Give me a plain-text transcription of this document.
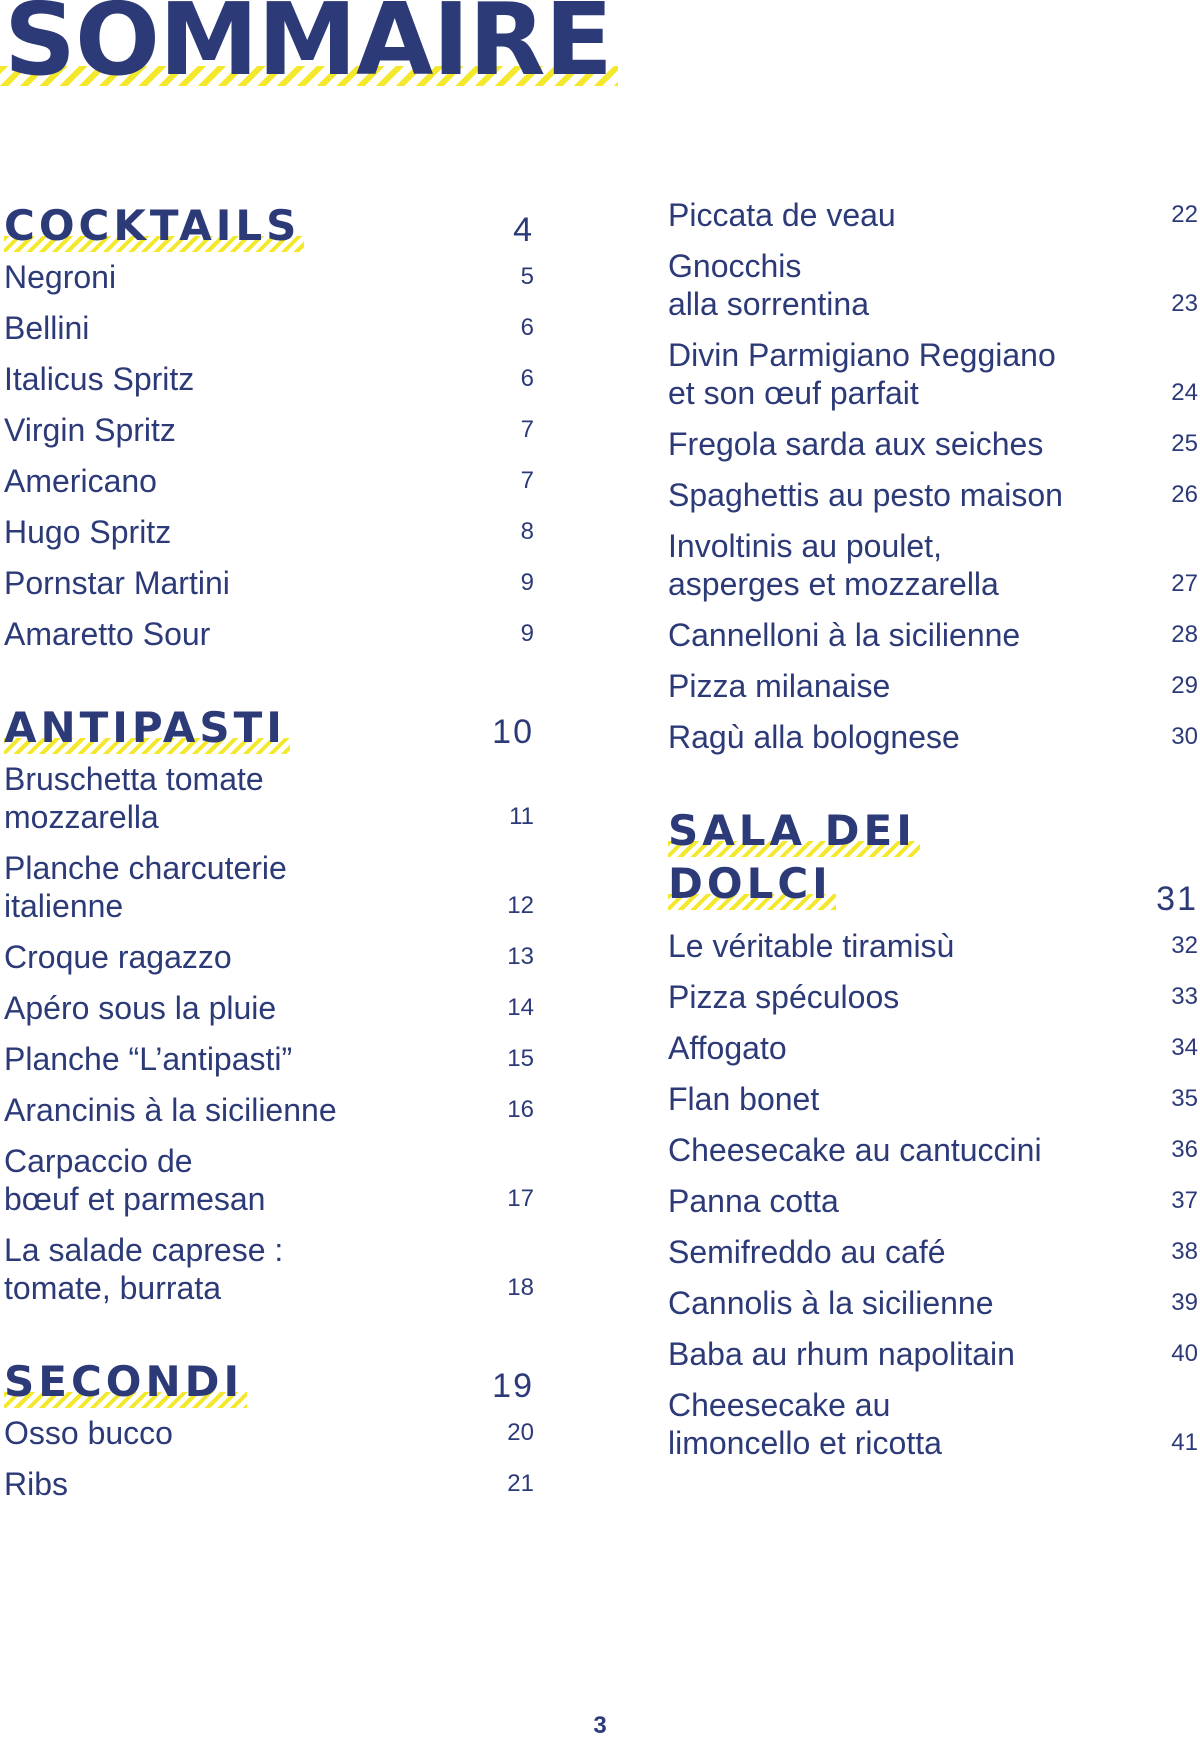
SOMMAIRE
COCKTAILS	4
Negroni	5
Bellini	6
Italicus Spritz	6
Virgin Spritz	7
Americano	7
Hugo Spritz	8
Pornstar Martini	9
Amaretto Sour	9
ANTIPASTI	10
Bruschetta tomate
mozzarella	11
Planche charcuterie
italienne	12
Croque ragazzo	13
Apéro sous la pluie	14
Planche “L’antipasti”	15
Arancinis à la sicilienne	16
Carpaccio de
bœuf et parmesan	17
La salade caprese :
tomate, burrata	18
SECONDI	19
Osso bucco	20
Ribs	21
Piccata de veau	22
Gnocchis
alla sorrentina	23
Divin Parmigiano Reggiano
et son œuf parfait	24
Fregola sarda aux seiches	25
Spaghettis au pesto maison	26
Involtinis au poulet,
asperges et mozzarella	27
Cannelloni à la sicilienne	28
Pizza milanaise	29
Ragù alla bolognese	30
SALA DEI
DOLCI	31
Le véritable tiramisù	32
Pizza spéculoos	33
Affogato	34
Flan bonet	35
Cheesecake au cantuccini	36
Panna cotta	37
Semifreddo au café	38
Cannolis à la sicilienne	39
Baba au rhum napolitain	40
Cheesecake au
limoncello et ricotta	41
3
